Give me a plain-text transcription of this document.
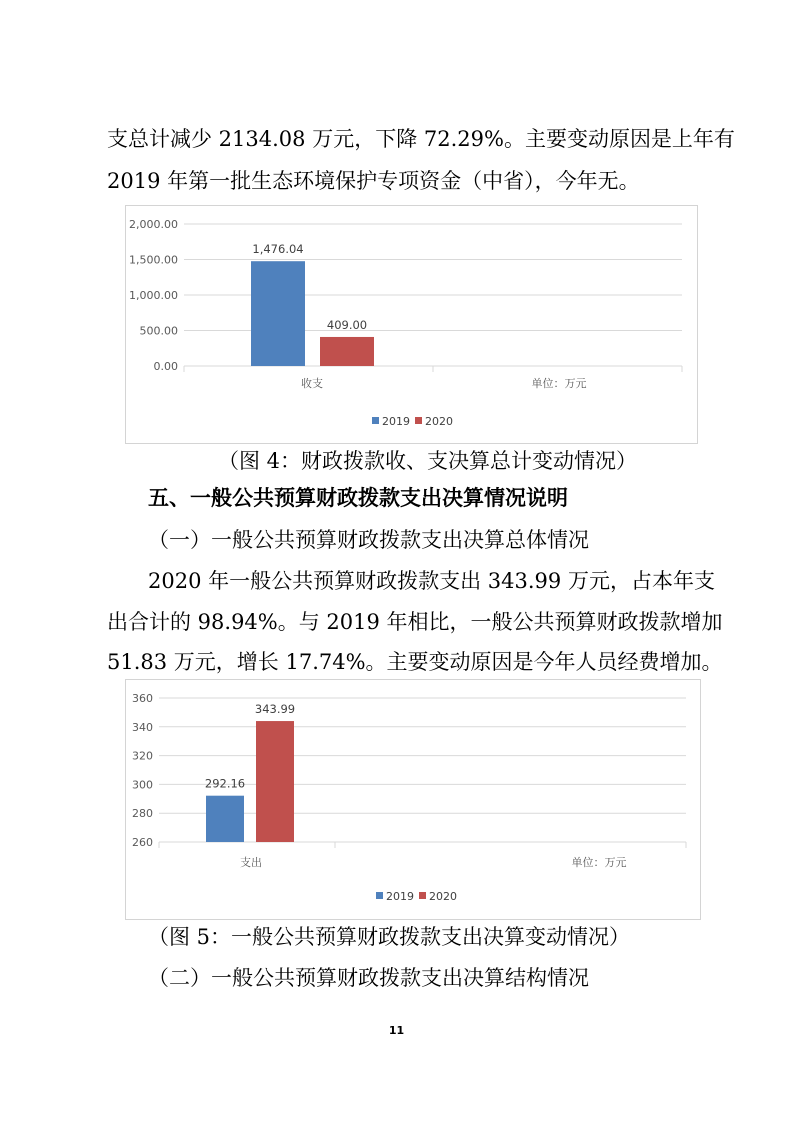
支总计减少 2134.08 万元，下降 72.29%。主要变动原因是上年有
2019 年第一批生态环境保护专项资金（中省），今年无。
0.00
500.00
1,000.00
1,500.00
2,000.00
1,476.04
409.00
收支	单位：万元
2019 2020
（图 4：财政拨款收、支决算总计变动情况）
五、一般公共预算财政拨款支出决算情况说明
（一）一般公共预算财政拨款支出决算总体情况
2020 年一般公共预算财政拨款支出 343.99 万元，占本年支
出合计的 98.94%。与 2019 年相比，一般公共预算财政拨款增加
51.83 万元，增长 17.74%。主要变动原因是今年人员经费增加。
260
280
300
320
340
360
292.16
343.99
支出	单位：万元
2019 2020
（图 5：一般公共预算财政拨款支出决算变动情况）
（二）一般公共预算财政拨款支出决算结构情况
11
